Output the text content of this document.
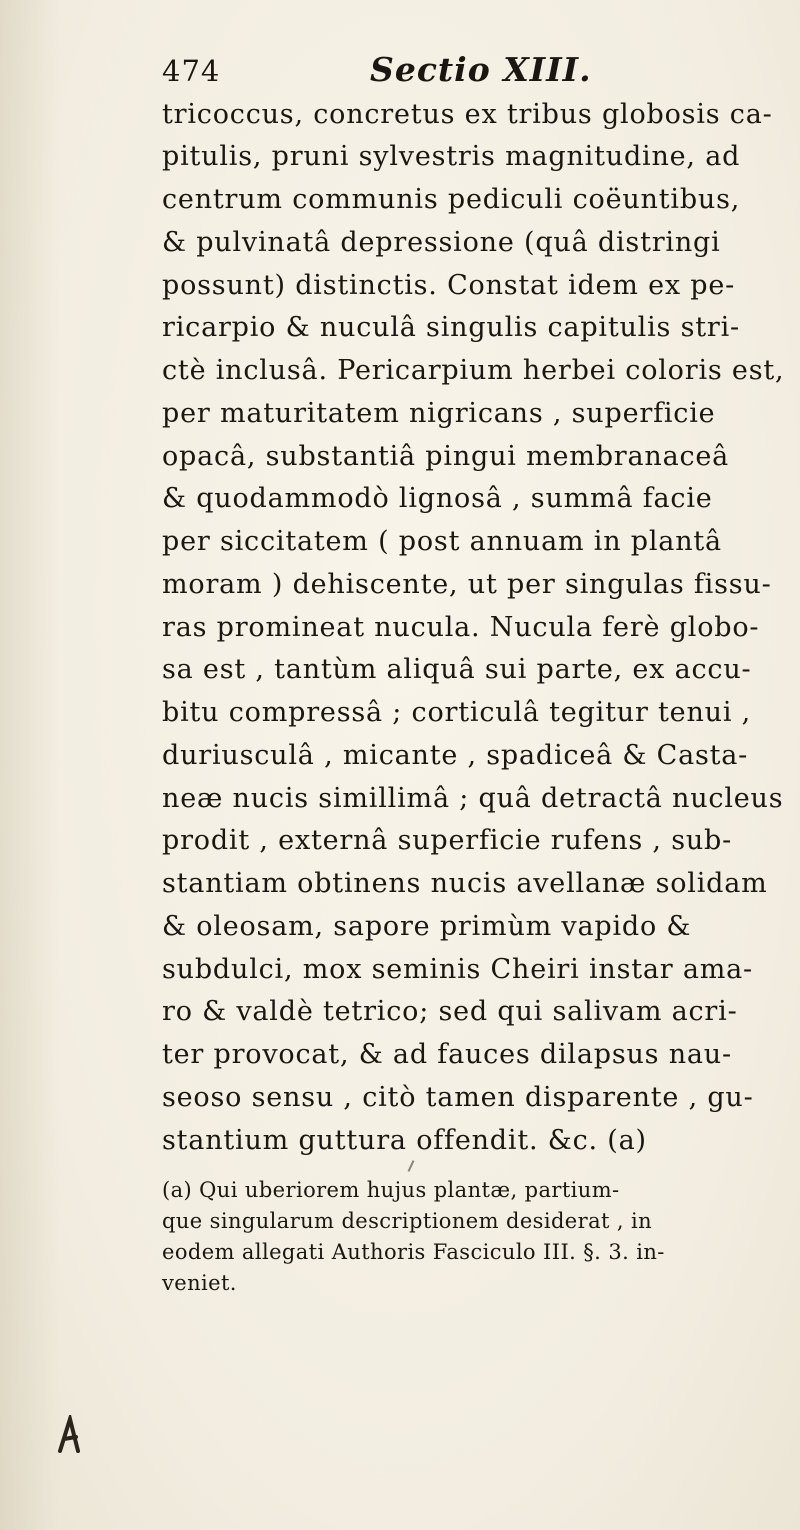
474	Sectio XIII.
tricoccus, concretus ex tribus globosis ca-
pitulis, pruni sylvestris magnitudine, ad
centrum communis pediculi coëuntibus,
& pulvinatâ depressione (quâ distringi
possunt) distinctis. Constat idem ex pe-
ricarpio & nuculâ singulis capitulis stri-
ctè inclusâ. Pericarpium herbei coloris est,
per maturitatem nigricans , superficie
opacâ, substantiâ pingui membranaceâ
& quodammodò lignosâ , summâ facie
per siccitatem ( post annuam in plantâ
moram ) dehiscente, ut per singulas fissu-
ras promineat nucula. Nucula ferè globo-
sa est , tantùm aliquâ sui parte, ex accu-
bitu compressâ ; corticulâ tegitur tenui ,
duriusculâ , micante , spadiceâ & Casta-
neæ nucis simillimâ ; quâ detractâ nucleus
prodit , externâ superficie rufens , sub-
stantiam obtinens nucis avellanæ solidam
& oleosam, sapore primùm vapido &
subdulci, mox seminis Cheiri instar ama-
ro & valdè tetrico; sed qui salivam acri-
ter provocat, & ad fauces dilapsus nau-
seoso sensu , citò tamen disparente , gu-
stantium guttura offendit. &c. (a)
(a) Qui uberiorem hujus plantæ, partium-
que singularum descriptionem desiderat , in
eodem allegati Authoris Fasciculo III. §. 3. in-
veniet.
